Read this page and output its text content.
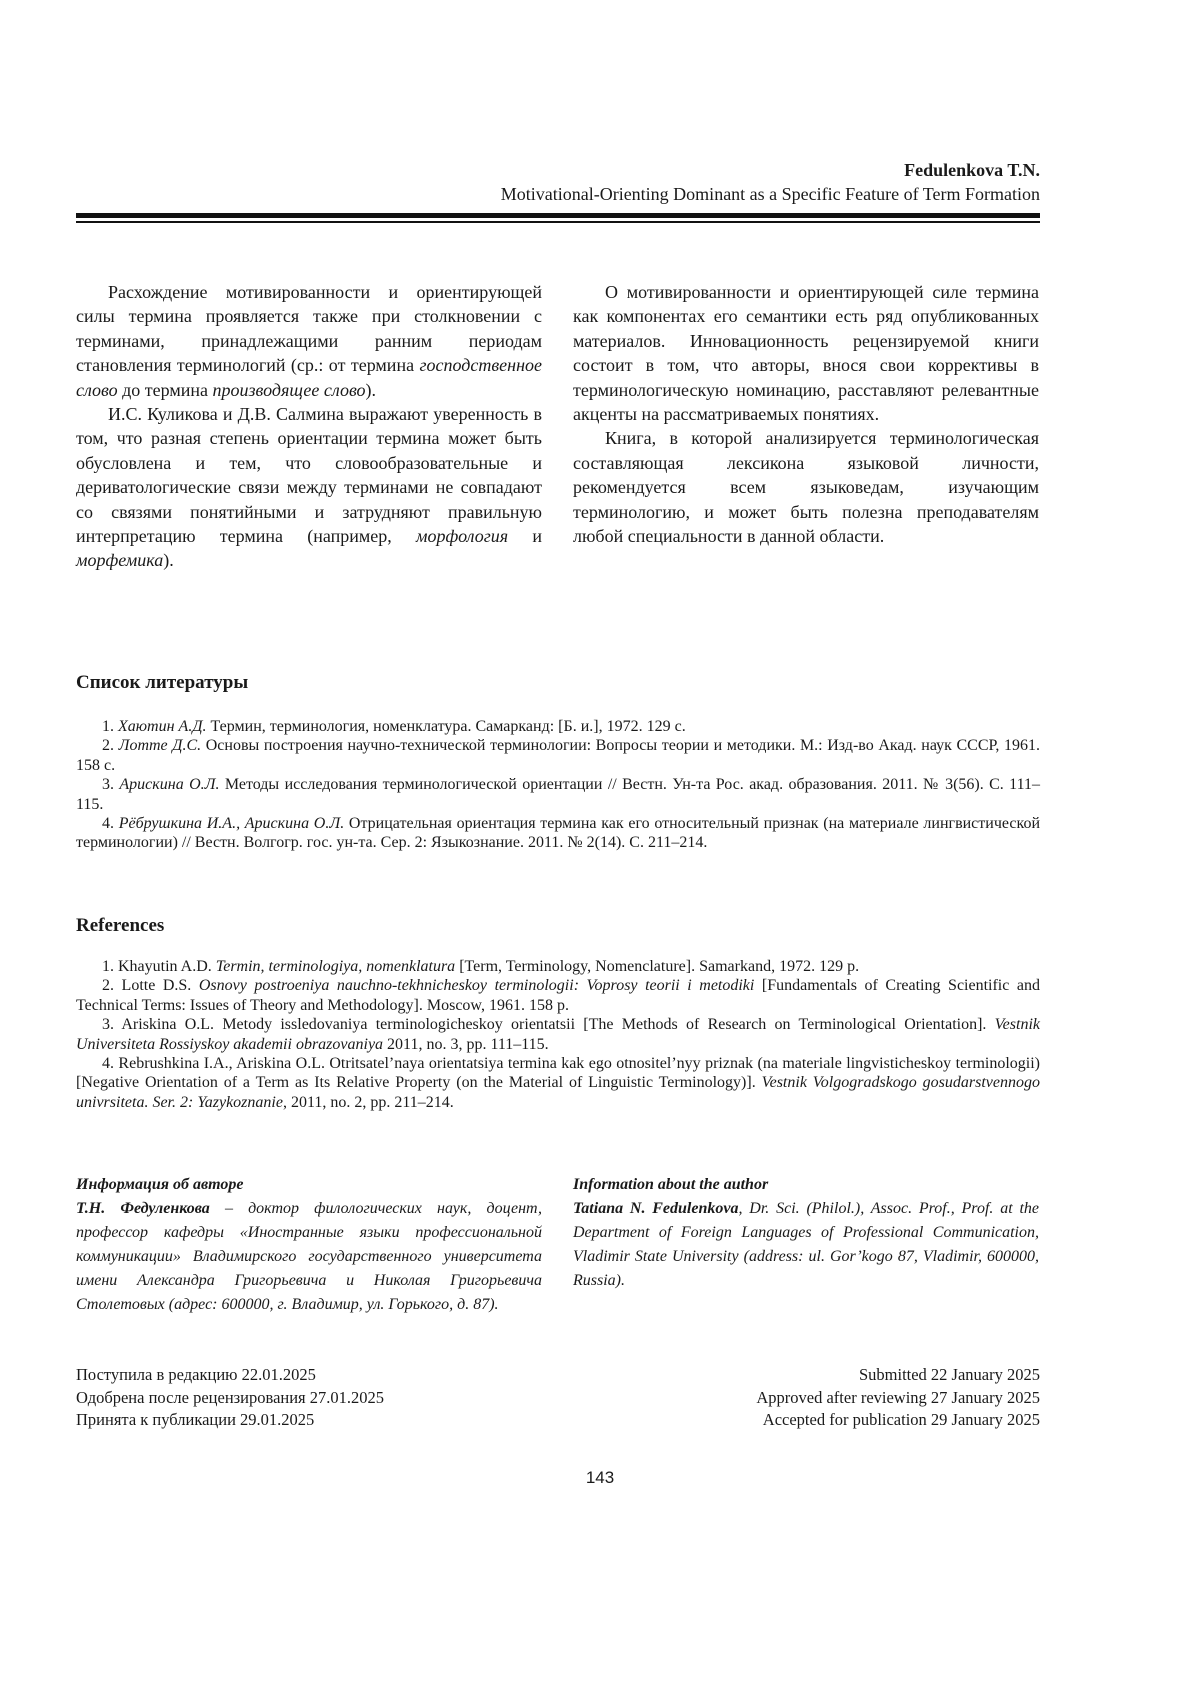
Fedulenkova T.N.
Motivational-Orienting Dominant as a Specific Feature of Term Formation

Расхождение мотивированности и ориентирующей силы термина проявляется также при столкновении с терминами, принадлежащими ранним периодам становления терминологий (ср.: от термина господственное слово до термина производящее слово).

И.С. Куликова и Д.В. Салмина выражают уверенность в том, что разная степень ориентации термина может быть обусловлена и тем, что словообразовательные и дериватологические связи между терминами не совпадают со связями понятийными и затрудняют правильную интерпретацию термина (например, морфология и морфемика).

О мотивированности и ориентирующей силе термина как компонентах его семантики есть ряд опубликованных материалов. Инновационность рецензируемой книги состоит в том, что авторы, внося свои коррективы в терминологическую номинацию, расставляют релевантные акценты на рассматриваемых понятиях.

Книга, в которой анализируется терминологическая составляющая лексикона языковой личности, рекомендуется всем языковедам, изучающим терминологию, и может быть полезна преподавателям любой специальности в данной области.

Список литературы

1. Хаютин А.Д. Термин, терминология, номенклатура. Самарканд: [Б. и.], 1972. 129 с.

2. Лотте Д.С. Основы построения научно-технической терминологии: Вопросы теории и методики. М.: Изд-во Акад. наук СССР, 1961. 158 с.

3. Арискина О.Л. Методы исследования терминологической ориентации // Вестн. Ун-та Рос. акад. образования. 2011. № 3(56). С. 111–115.

4. Рёбрушкина И.А., Арискина О.Л. Отрицательная ориентация термина как его относительный признак (на материале лингвистической терминологии) // Вестн. Волгогр. гос. ун-та. Сер. 2: Языкознание. 2011. № 2(14). С. 211–214.

References

1. Khayutin A.D. Termin, terminologiya, nomenklatura [Term, Terminology, Nomenclature]. Samarkand, 1972. 129 p.

2. Lotte D.S. Osnovy postroeniya nauchno-tekhnicheskoy terminologii: Voprosy teorii i metodiki [Fundamentals of Creating Scientific and Technical Terms: Issues of Theory and Methodology]. Moscow, 1961. 158 p.

3. Ariskina O.L. Metody issledovaniya terminologicheskoy orientatsii [The Methods of Research on Terminological Orientation]. Vestnik Universiteta Rossiyskoy akademii obrazovaniya 2011, no. 3, pp. 111–115.

4. Rebrushkina I.A., Ariskina O.L. Otritsatel’naya orientatsiya termina kak ego otnositel’nyy priznak (na materiale lingvisticheskoy terminologii) [Negative Orientation of a Term as Its Relative Property (on the Material of Linguistic Terminology)]. Vestnik Volgogradskogo gosudarstvennogo univrsiteta. Ser. 2: Yazykoznanie, 2011, no. 2, pp. 211–214.

Информация об авторе
Т.Н. Федуленкова – доктор филологических наук, доцент, профессор кафедры «Иностранные языки профессиональной коммуникации» Владимирского государственного университета имени Александра Григорьевича и Николая Григорьевича Столетовых (адрес: 600000, г. Владимир, ул. Горького, д. 87).
Information about the author
Tatiana N. Fedulenkova, Dr. Sci. (Philol.), Assoc. Prof., Prof. at the Department of Foreign Languages of Professional Communication, Vladimir State University (address: ul. Gor’kogo 87, Vladimir, 600000, Russia).
Поступила в редакцию 22.01.2025
Одобрена после рецензирования 27.01.2025
Принята к публикации 29.01.2025
Submitted 22 January 2025
Approved after reviewing 27 January 2025
Accepted for publication 29 January 2025
143
